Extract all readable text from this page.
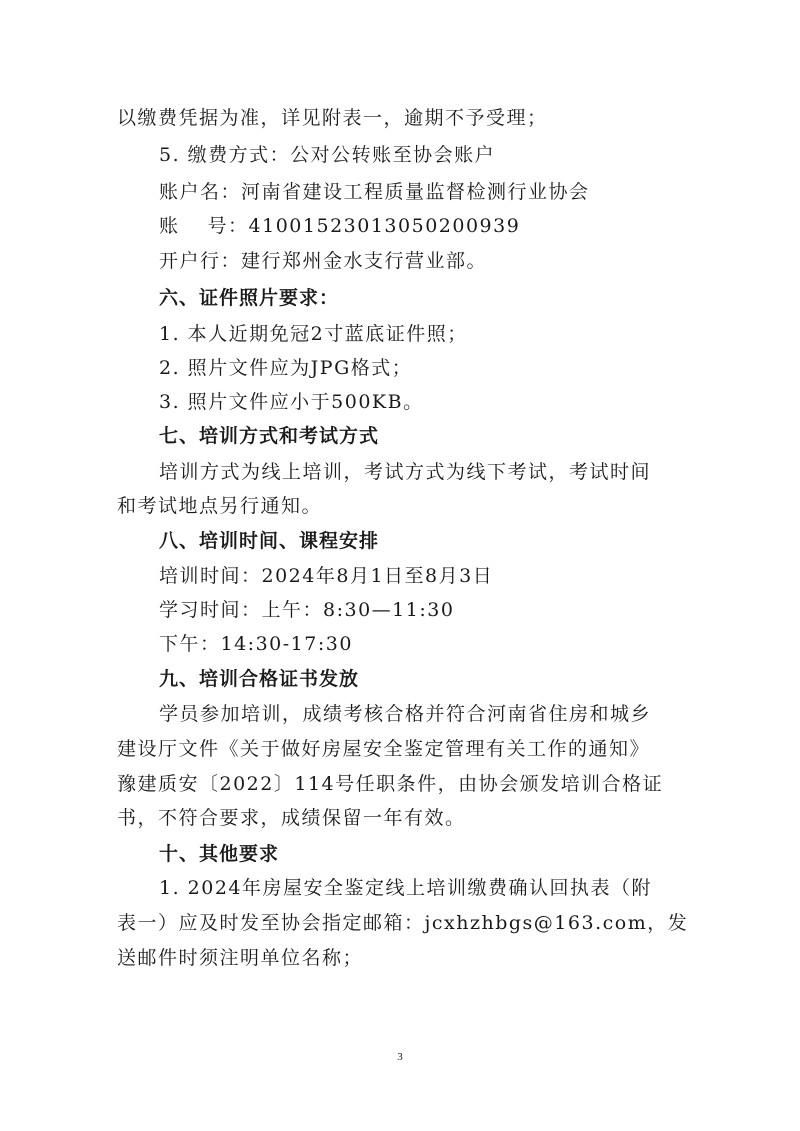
以缴费凭据为准，详见附表一，逾期不予受理；
5. 缴费方式：公对公转账至协会账户
账户名：河南省建设工程质量监督检测行业协会
账　 号：41001523013050200939
开户行：建行郑州金水支行营业部。
六、证件照片要求：
1. 本人近期免冠2寸蓝底证件照；
2. 照片文件应为JPG格式；
3. 照片文件应小于500KB。
七、培训方式和考试方式
培训方式为线上培训，考试方式为线下考试，考试时间
和考试地点另行通知。
八、培训时间、课程安排
培训时间：2024年8月1日至8月3日
学习时间：上午：8:30—11:30
下午：14:30-17:30
九、培训合格证书发放
学员参加培训，成绩考核合格并符合河南省住房和城乡
建设厅文件《关于做好房屋安全鉴定管理有关工作的通知》
豫建质安〔2022〕114号任职条件，由协会颁发培训合格证
书，不符合要求，成绩保留一年有效。
十、其他要求
1. 2024年房屋安全鉴定线上培训缴费确认回执表（附
表一）应及时发至协会指定邮箱：jcxhzhbgs@163.com，发
送邮件时须注明单位名称；
3
